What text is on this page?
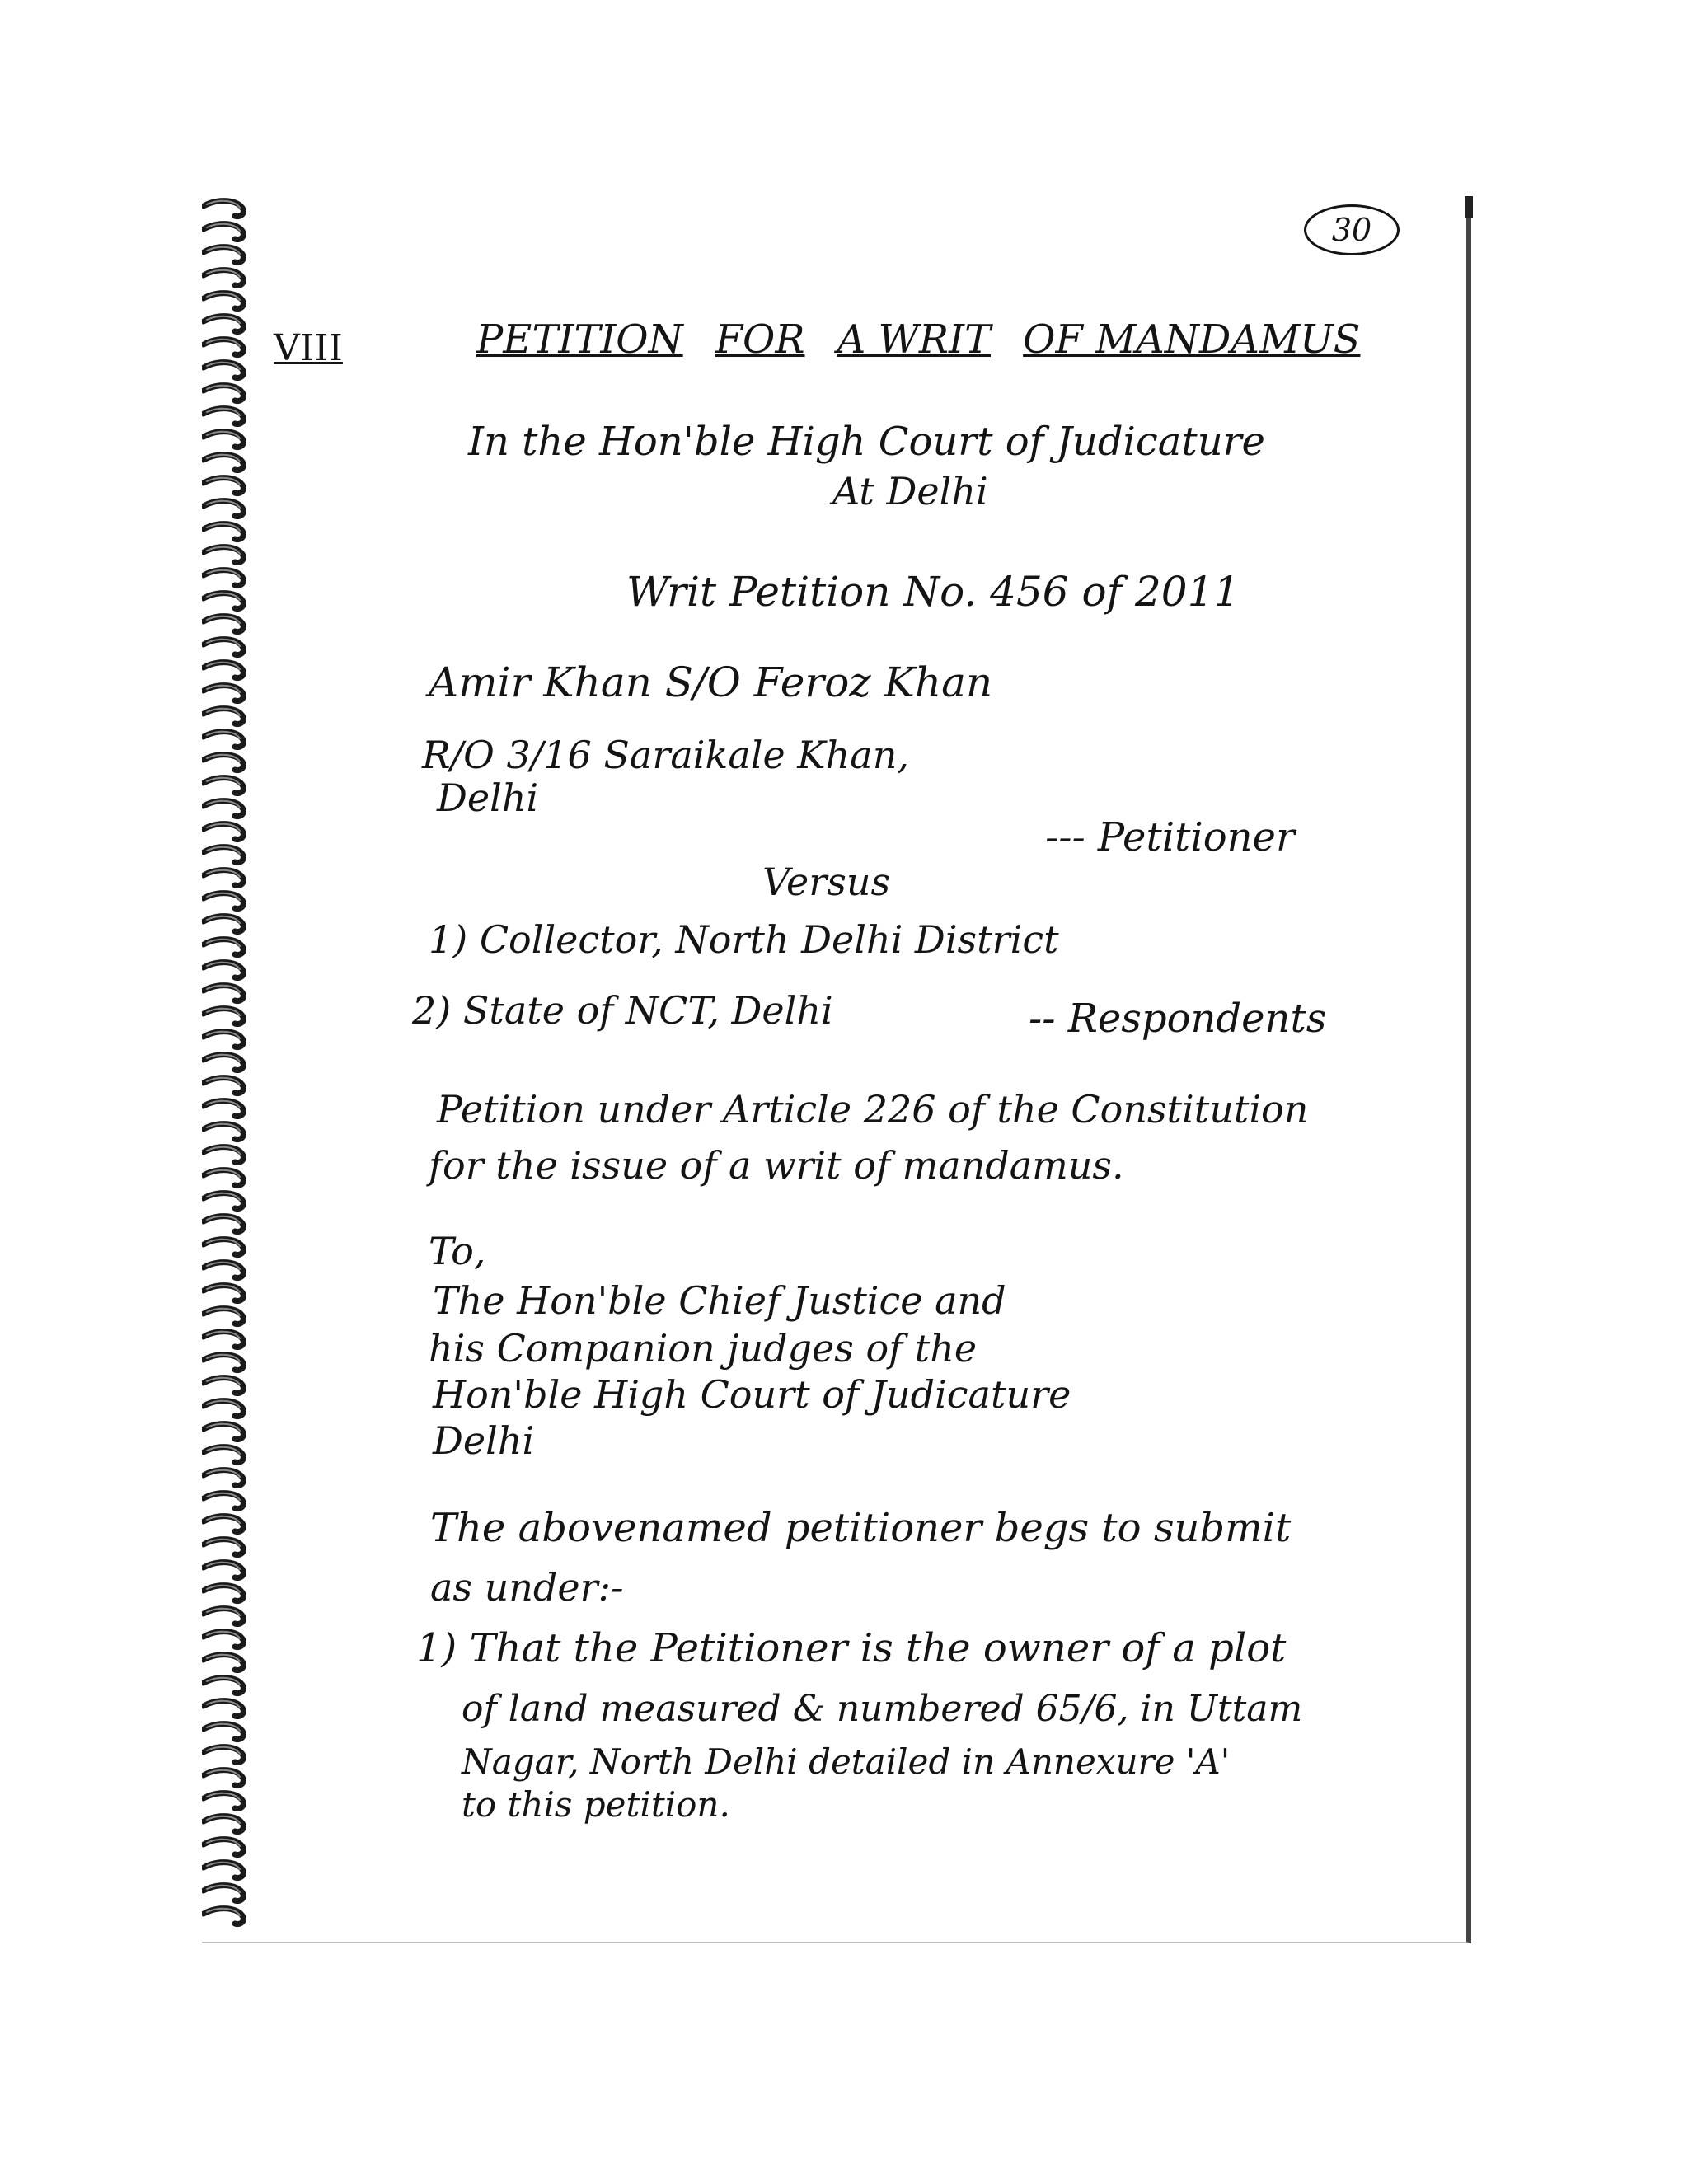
30
VIII	PETITION FOR A WRIT OF MANDAMUS
In the Hon'ble High Court of Judicature
At Delhi
Writ Petition No. 456 of 2011
Amir Khan S/O Feroz Khan
R/O 3/16 Saraikale Khan,
Delhi
--- Petitioner
Versus
1) Collector, North Delhi District
2) State of NCT, Delhi	-- Respondents
Petition under Article 226 of the Constitution
for the issue of a writ of mandamus.
To,
The Hon'ble Chief Justice and
his Companion judges of the
Hon'ble High Court of Judicature
Delhi
The abovenamed petitioner begs to submit
as under:-
1) That the Petitioner is the owner of a plot
of land measured & numbered 65/6, in Uttam
Nagar, North Delhi detailed in Annexure 'A'
to this petition.
